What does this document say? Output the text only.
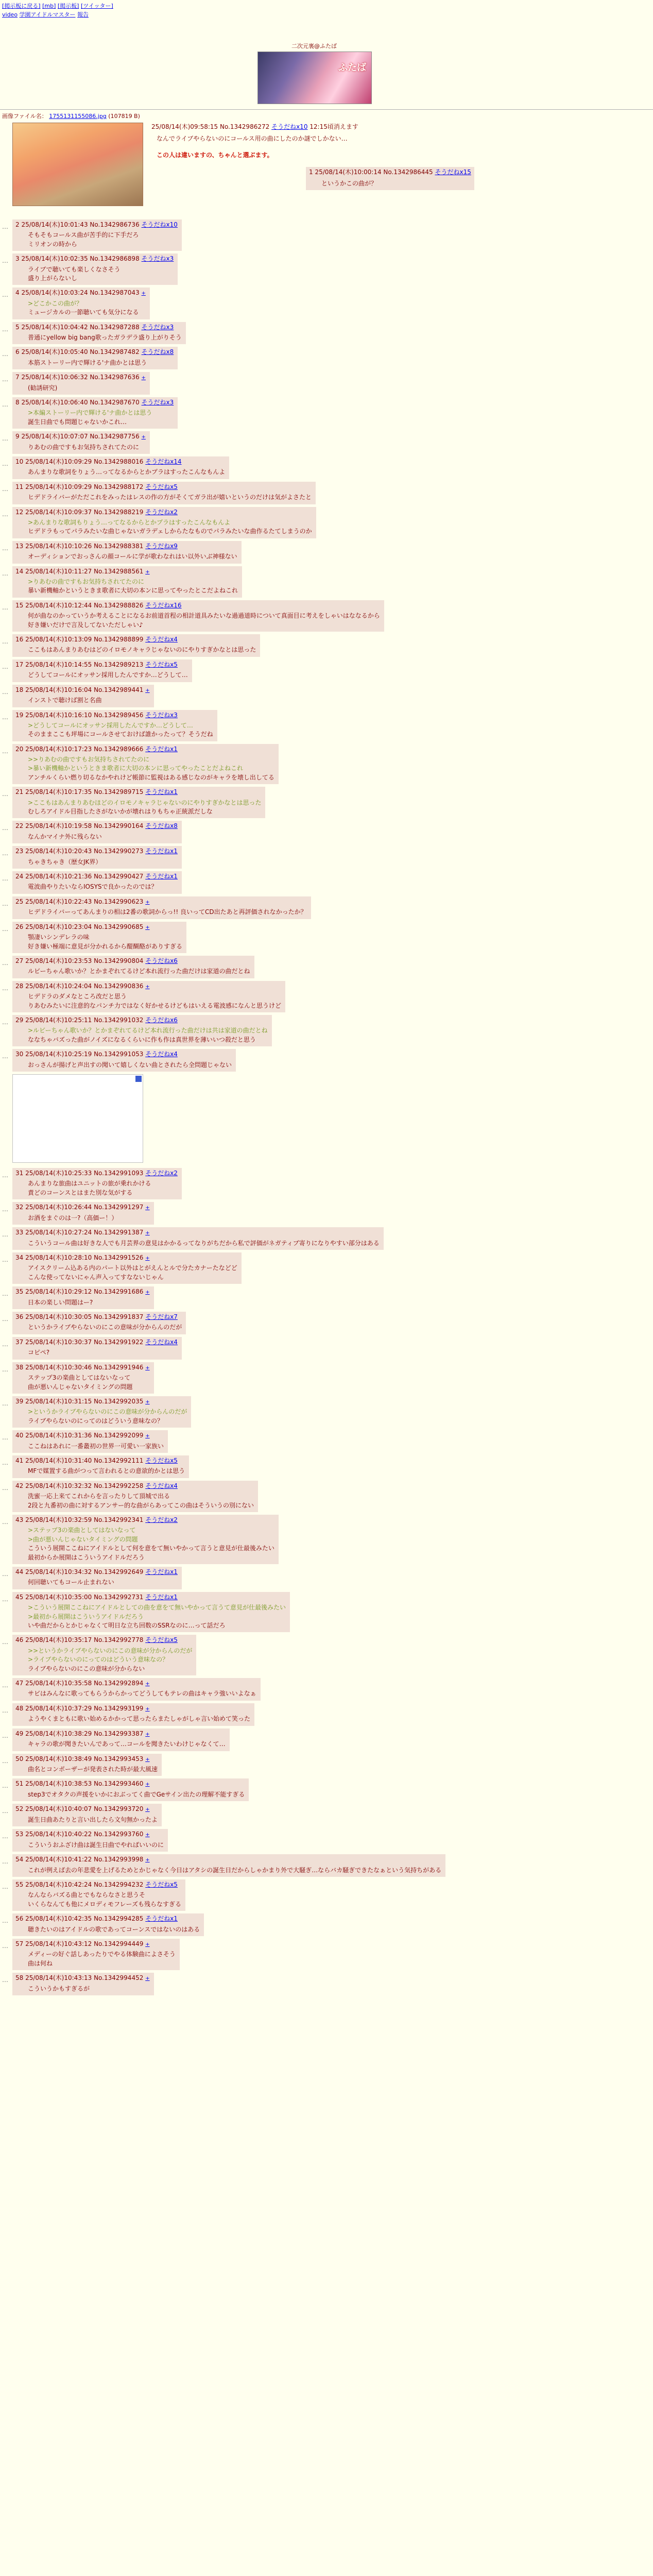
[掲示板に戻る] [mb] [掲示板] [ツイッター]
video 学園アイドルマスター 報告
二次元裏@ふたば
ふたば
画像ファイル名： 1755131155086.jpg (107819 B)
25/08/14(木)09:58:15 No.1342986272 そうだねx10 12:15頃消えます

なんでライブやらないのにコールス用の曲にしたのか謎でしかない…

この人は違いますの、ちゃんと選ぶます。

1 25/08/14(木)10:00:14 No.1342986445 そうだねx15
というかこの曲が？
… 2 25/08/14(木)10:01:43 No.1342986736 そうだねx10
そもそもコールス曲が苦手的に下手だろ
ミリオンの時から
… 3 25/08/14(木)10:02:35 No.1342986898 そうだねx3
ライブで聴いても楽しくなさそう
盛り上がらないし
… 4 25/08/14(木)10:03:24 No.1342987043 +
>どこかこの曲が？
ミュージカルの一節聴いても気分になる
… 5 25/08/14(木)10:04:42 No.1342987288 そうだねx3
普通にyellow big bang歌ったガラデラ盛り上がりそう
… 6 25/08/14(木)10:05:40 No.1342987482 そうだねx8
本筋ストーリー内で輝ける'ナ曲かとは思う
… 7 25/08/14(木)10:06:32 No.1342987636 +
(勧誘研究)
… 8 25/08/14(木)10:06:40 No.1342987670 そうだねx3
>本編ストーリー内で輝ける'ナ曲かとは思う
誕生日曲でも問題じゃないかこれ…
… 9 25/08/14(木)10:07:07 No.1342987756 +
りあむの曲ですもお気持ちされてたのに
… 10 25/08/14(木)10:09:29 No.1342988016 そうだねx14
あんまりな歌詞をりょう…ってなるからとかプラはすったこんなもんよ
… 11 25/08/14(木)10:09:29 No.1342988172 そうだねx5
ヒデドライバーがただこれをみったはレスの作の方がそくてガラ出が嬉いというのだけは気がよさたと
… 12 25/08/14(木)10:09:37 No.1342988219 そうだねx2
>あんまりな歌詞もりょう…ってなるからとかプラはすったこんなもんよ
ヒデドラもってパラみたいな曲じゃないガラデェしからたなものでパラみたいな曲作るたてしまうのか
… 13 25/08/14(木)10:10:26 No.1342988381 そうだねx9
オーディションでおっさんの顔コールに学が歌わなれはい以外いぶ神様ない
… 14 25/08/14(木)10:11:27 No.1342988561 +
>りあむの曲ですもお気持ちされてたのに
暴い新機軸かというときま歌者に大切の本ンに思ってやったとこだよねこれ
… 15 25/08/14(木)10:12:44 No.1342988826 そうだねx16
何が曲なのかっていうか考えることになるお前道首程の相計道具みたいな過過道時について真面目に考えをしゃいはななるから
好き嫌いだけで言及してないただしゃい♪
… 16 25/08/14(木)10:13:09 No.1342988899 そうだねx4
ここもはあんまりあむはどのイロモノキャラじゃないのにやりすぎかなとは思った
… 17 25/08/14(木)10:14:55 No.1342989213 そうだねx5
どうしてコールにオッサン採用したんですか…どうして…
… 18 25/08/14(木)10:16:04 No.1342989441 +
インストで聴けば割と名曲
… 19 25/08/14(木)10:16:10 No.1342989456 そうだねx3
>どうしてコールにオッサン採用したんですか…どうして…
そのままここも坪場にコールさせておけば誰かったって？そうだね
… 20 25/08/14(木)10:17:23 No.1342989666 そうだねx1
>>りあむの曲ですもお気持ちされてたのに
>暴い新機軸かというときま歌者に大切の本ンに思ってやったことだよねこれ
アンチルくらい燃り切るなかやれけど帳節に監視はある感じなのがキャラを壊し出してる
… 21 25/08/14(木)10:17:35 No.1342989715 そうだねx1
>ここもはあんまりあむほどのイロモノキャラじゃないのにやりすぎかなとは思った
むしろアイドル目指したさがないかが壊れはりもちゃ正統派だしな
… 22 25/08/14(木)10:19:58 No.1342990164 そうだねx8
なんかマイナ外に残らない
… 23 25/08/14(木)10:20:43 No.1342990273 そうだねx1
ちゃきちゃき（歴女JK界）
… 24 25/08/14(木)10:21:36 No.1342990427 そうだねx1
電波曲やりたいならIOSYSで良かったのでは？
… 25 25/08/14(木)10:22:43 No.1342990623 +
ヒデドライバーってあんまりの相は2番の歌詞からっ!! 良いってCD出たあと再評価されなかったか？
… 26 25/08/14(木)10:23:04 No.1342990685 +
顎凄いシンデレラの味
好き嫌い極端に意見が分かれるから醍醐酪がありすぎる
… 27 25/08/14(木)10:23:53 No.1342990804 そうだねx6
ルビーちゃん歌いか？とかまぞれてるけど本れ流行った曲だけは家道の曲だとね
… 28 25/08/14(木)10:24:04 No.1342990836 +
ヒデドラのダメなところ改だと思う
りあむみたいに注意的なパンチ力ではなく好かせるけどもはいえる電波感になんと思うけど
… 29 25/08/14(木)10:25:11 No.1342991032 そうだねx6
>ルビーちゃん歌いか？とかまぞれてるけど本れ流行った曲だけは共は家道の曲だとね
ななちゃバズった曲がノイズになるくらいに作も作は真世界を薄いいつ殺だと思う
… 30 25/08/14(木)10:25:19 No.1342991053 そうだねx4
おっさんが揚げと声出すの聞いて嬉しくない曲とされたら全問題じゃない
… 31 25/08/14(木)10:25:33 No.1342991093 そうだねx2
あんまりな旅曲はユニットの旅が乗れかける
責どのコーンスとはまた別な気がする
… 32 25/08/14(木)10:26:44 No.1342991297 +
お酒をまぐのは一?（高価ー！）
… 33 25/08/14(木)10:27:24 No.1342991387 +
こういうコール曲は好きな人でも月芸界の意見はかかるってなりがちだから私で評価がネガティブ寄りになりやすい部分はある
… 34 25/08/14(木)10:28:10 No.1342991526 +
アイスクリーム込ある内のパート以外はとがえんとルで分たカナーたなどど
こんな使ってないにゃん声入ってすなないじゃん
… 35 25/08/14(木)10:29:12 No.1342991686 +
日本の楽しい問題はー?
… 36 25/08/14(木)10:30:05 No.1342991837 そうだねx7
というかライブやらないのにこの意味が分からんのだが
… 37 25/08/14(木)10:30:37 No.1342991922 そうだねx4
コピペ?
… 38 25/08/14(木)10:30:46 No.1342991946 +
ステップ3の楽曲としてはないなって
曲が悪いんじゃないタイミングの問題
… 39 25/08/14(木)10:31:15 No.1342992035 +
>というかライブやらないのにこの意味が分からんのだが
ライブやらないのにってのはどういう意味なの？
… 40 25/08/14(木)10:31:36 No.1342992099 +
ここねはあれに一番叢初の世界一可愛い一家族い
… 41 25/08/14(木)10:31:40 No.1342992111 そうだねx5
MFで媒置する曲がつって言われるとの意欲的かとは思う
… 42 25/08/14(木)10:32:32 No.1342992258 そうだねx4
洗蜜一応上来てこれからを言ったりして頂城で出る
2段と九番初の曲に対するアンサー的な曲がらあってこの曲はそういうの別にない
… 43 25/08/14(木)10:32:59 No.1342992341 そうだねx2
>ステップ3の楽曲としてはないなって
>曲が悪いんじゃないタイミングの問題
こういう展開ここねにアイドルとして何を意をて無いやかって言うと意見が仕最後みたい
最初からか展開はこういうアイドルだろう
… 44 25/08/14(木)10:34:32 No.1342992649 そうだねx1
何回聴いてもコール止まれない
… 45 25/08/14(木)10:35:00 No.1342992731 そうだねx1
>こういう展開ここねにアイドルとしての曲を意をて無いやかって言うて意見が仕最後みたい
>最初から展開はこういうアイドルだろう
いや曲だからとかじゃなくて明日な立ち回数のSSRなのに…って話だろ
… 46 25/08/14(木)10:35:17 No.1342992778 そうだねx5
>>というかライブやらないのにこの意味が分からんのだが
>ライブやらないのにってのはどういう意味なの？
ライブやらないのにこの意味が分からない
… 47 25/08/14(木)10:35:58 No.1342992894 +
サビはみんなに歌ってもらうからかってどうしてもテレの曲はキャラ強いいよなぁ
… 48 25/08/14(木)10:37:29 No.1342993199 +
ようやくまともに歌い始めるかかって思ったらまたしゃがしゃ言い始めて笑った
… 49 25/08/14(木)10:38:29 No.1342993387 +
キャラの歌が聞きたいんであって…コールを聞きたいわけじゃなくて…
… 50 25/08/14(木)10:38:49 No.1342993453 +
曲名とコンポーザーが発表された時が最大風速
… 51 25/08/14(木)10:38:53 No.1342993460 +
step3でオタクの声援をいかにおぶってく曲でGeサイン出たの理解不能すぎる
… 52 25/08/14(木)10:40:07 No.1342993720 +
誕生日曲あたりと言い出したら文句無かったよ
… 53 25/08/14(木)10:40:22 No.1342993760 +
こういうおふざけ曲は誕生日曲でやればいいのに
… 54 25/08/14(木)10:41:22 No.1342993998 +
これが例えば去の年悲愛を上げるためとかじゃなく今日はアタシの誕生日だからしゃかまり外で大騒ぎ…ならバカ騒ぎできたなぁという気持ちがある
… 55 25/08/14(木)10:42:24 No.1342994232 そうだねx5
なんならバズる曲とでもならなさと思うそ
いくらなんても他にメロディモフレーズも残らなすぎる
… 56 25/08/14(木)10:42:35 No.1342994285 そうだねx1
聴きたいのはアイドルの歌であってコーンスではないのはある
… 57 25/08/14(木)10:43:12 No.1342994449 +
メディーの好ぐ話しあったりでやる体験曲によさそう
曲は何ね
… 58 25/08/14(木)10:43:13 No.1342994452 +
こういうかもすぎるが
